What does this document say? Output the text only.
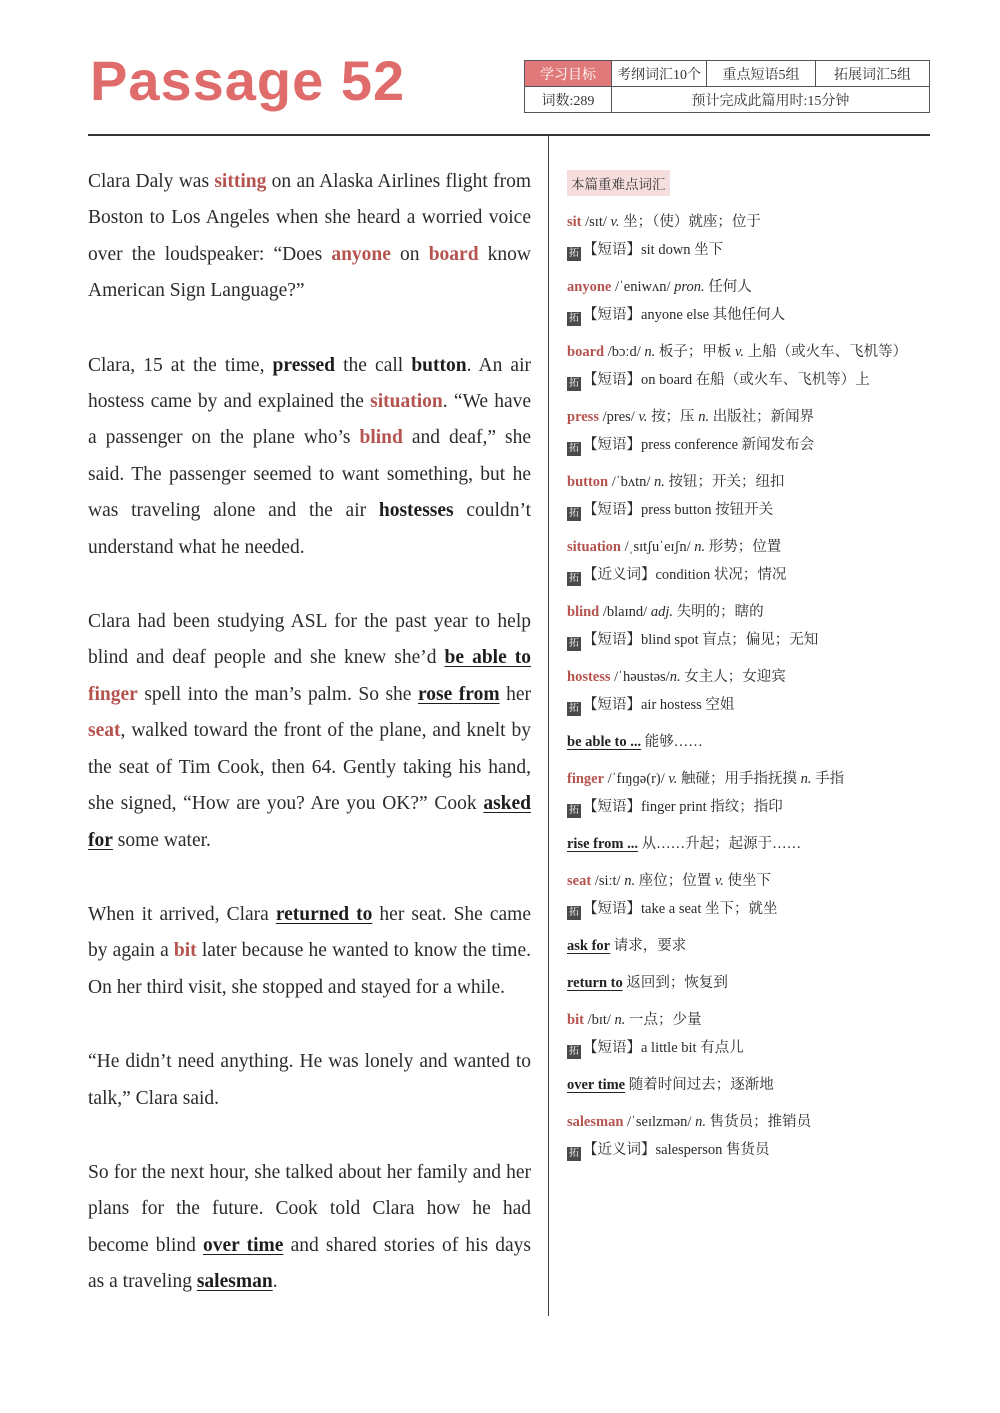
Passage 52	学习目标	考纲词汇10个	重点短语5组	拓展词汇5组
词数:289	预计完成此篇用时:15分钟

Clara Daly was sitting on an Alaska Airlines flight from Boston to Los Angeles when she heard a worried voice over the loudspeaker: “Does anyone on board know American Sign Language?”

Clara, 15 at the time, pressed the call button. An air hostess came by and explained the situation. “We have a passenger on the plane who’s blind and deaf,” she said. The passenger seemed to want something, but he was traveling alone and the air hostesses couldn’t understand what he needed.

Clara had been studying ASL for the past year to help blind and deaf people and she knew she’d be able to finger spell into the man’s palm. So she rose from her seat, walked toward the front of the plane, and knelt by the seat of Tim Cook, then 64. Gently taking his hand, she signed, “How are you? Are you OK?” Cook asked for some water.

When it arrived, Clara returned to her seat. She came by again a bit later because he wanted to know the time. On her third visit, she stopped and stayed for a while.

“He didn’t need anything. He was lonely and wanted to talk,” Clara said.

So for the next hour, she talked about her family and her plans for the future. Cook told Clara how he had become blind over time and shared stories of his days as a traveling salesman.

本篇重难点词汇
sit /sɪt/ v. 坐；（使）就座；位于
拓 【短语】sit down 坐下
anyone /ˈeniwʌn/ pron. 任何人
拓 【短语】anyone else 其他任何人
board /bɔːd/ n. 板子；甲板 v. 上船（或火车、飞机等）
拓 【短语】on board 在船（或火车、飞机等）上
press /pres/ v. 按；压 n. 出版社；新闻界
拓 【短语】press conference 新闻发布会
button /ˈbʌtn/ n. 按钮；开关；纽扣
拓 【短语】press button 按钮开关
situation /ˌsɪtʃuˈeɪʃn/ n. 形势；位置
拓 【近义词】condition 状况；情况
blind /blaɪnd/ adj. 失明的；瞎的
拓 【短语】blind spot 盲点；偏见；无知
hostess /ˈhəustəs/n. 女主人；女迎宾
拓 【短语】air hostess 空姐
be able to ... 能够……
finger /ˈfɪŋɡə(r)/ v. 触碰；用手指抚摸 n. 手指
拓 【短语】finger print 指纹；指印
rise from ... 从……升起；起源于……
seat /siːt/ n. 座位；位置 v. 使坐下
拓 【短语】take a seat 坐下；就坐
ask for 请求，要求
return to 返回到；恢复到
bit /bɪt/ n. 一点；少量
拓 【短语】a little bit 有点儿
over time 随着时间过去；逐渐地
salesman /ˈseɪlzmən/ n. 售货员；推销员
拓 【近义词】salesperson 售货员
